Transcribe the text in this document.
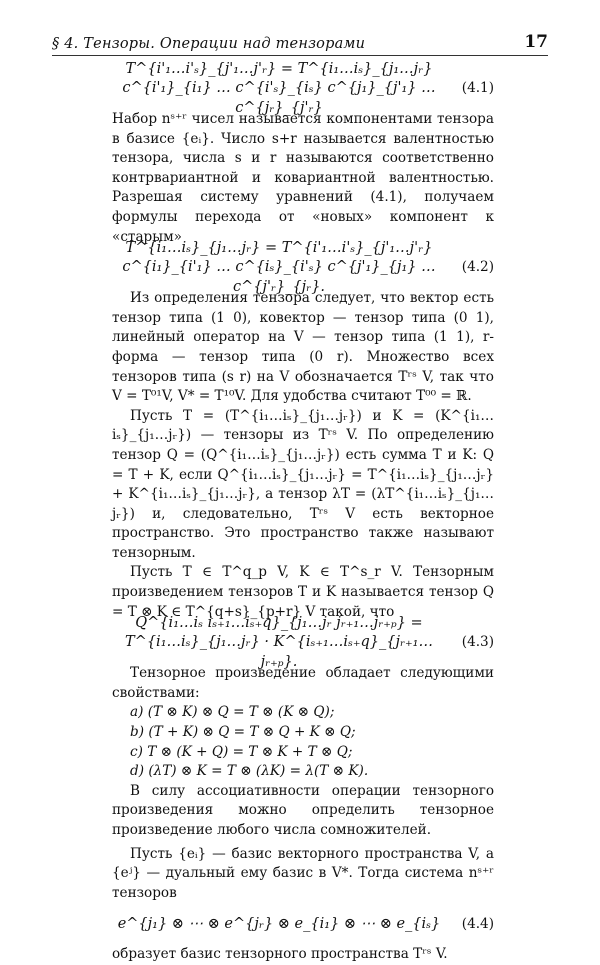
§ 4. Тензоры. Операции над тензорами	17
T^{i'₁…i'ₛ}_{j'₁…j'ᵣ} = T^{i₁…iₛ}_{j₁…jᵣ} c^{i'₁}_{i₁} … c^{i'ₛ}_{iₛ} c^{j₁}_{j'₁} … c^{jᵣ}_{j'ᵣ}
(4.1)

Набор nˢ⁺ʳ чисел называется компонентами тензора в базисе {eᵢ}. Число s+r называется валентностью тензора, числа s и r называются соответственно контрвариантной и ковариантной валентностью. Разрешая систему уравнений (4.1), получаем формулы перехода от «новых» компонент к «старым»

T^{i₁…iₛ}_{j₁…jᵣ} = T^{i'₁…i'ₛ}_{j'₁…j'ᵣ} c^{i₁}_{i'₁} … c^{iₛ}_{i'ₛ} c^{j'₁}_{j₁} … c^{j'ᵣ}_{jᵣ}.
(4.2)

Из определения тензора следует, что вектор есть тензор типа (1 0), ковектор — тензор типа (0 1), линейный оператор на V — тензор типа (1 1), r-форма — тензор типа (0 r). Множество всех тензоров типа (s r) на V обозначается Tʳˢ V, так что V = T⁰¹V, V* = T¹⁰V. Для удобства считают T⁰⁰ = ℝ.

Пусть T = (T^{i₁…iₛ}_{j₁…jᵣ}) и K = (K^{i₁…iₛ}_{j₁…jᵣ}) — тензоры из Tʳˢ V. По определению тензор Q = (Q^{i₁…iₛ}_{j₁…jᵣ}) есть сумма T и K: Q = T + K, если Q^{i₁…iₛ}_{j₁…jᵣ} = T^{i₁…iₛ}_{j₁…jᵣ} + K^{i₁…iₛ}_{j₁…jᵣ}, а тензор λT = (λT^{i₁…iₛ}_{j₁…jᵣ}) и, следовательно, Tʳˢ V есть векторное пространство. Это пространство также называют тензорным.

Пусть T ∈ T^q_p V, K ∈ T^s_r V. Тензорным произведением тензоров T и K называется тензор Q = T ⊗ K ∈ T^{q+s}_{p+r} V такой, что

Q^{i₁…iₛ iₛ₊₁…iₛ₊q}_{j₁…jᵣ jᵣ₊₁…jᵣ₊ₚ} = T^{i₁…iₛ}_{j₁…jᵣ} · K^{iₛ₊₁…iₛ₊q}_{jᵣ₊₁…jᵣ₊ₚ}.
(4.3)

Тензорное произведение обладает следующими свойствами:

a) (T ⊗ K) ⊗ Q = T ⊗ (K ⊗ Q);

b) (T + K) ⊗ Q = T ⊗ Q + K ⊗ Q;

c) T ⊗ (K + Q) = T ⊗ K + T ⊗ Q;

d) (λT) ⊗ K = T ⊗ (λK) = λ(T ⊗ K).

В силу ассоциативности операции тензорного произведения можно определить тензорное произведение любого числа сомножителей.

Пусть {eᵢ} — базис векторного пространства V, а {eʲ} — дуальный ему базис в V*. Тогда система nˢ⁺ʳ тензоров

e^{j₁} ⊗ ⋯ ⊗ e^{jᵣ} ⊗ e_{i₁} ⊗ ⋯ ⊗ e_{iₛ}	(4.4)

образует базис тензорного пространства Tʳˢ V.
